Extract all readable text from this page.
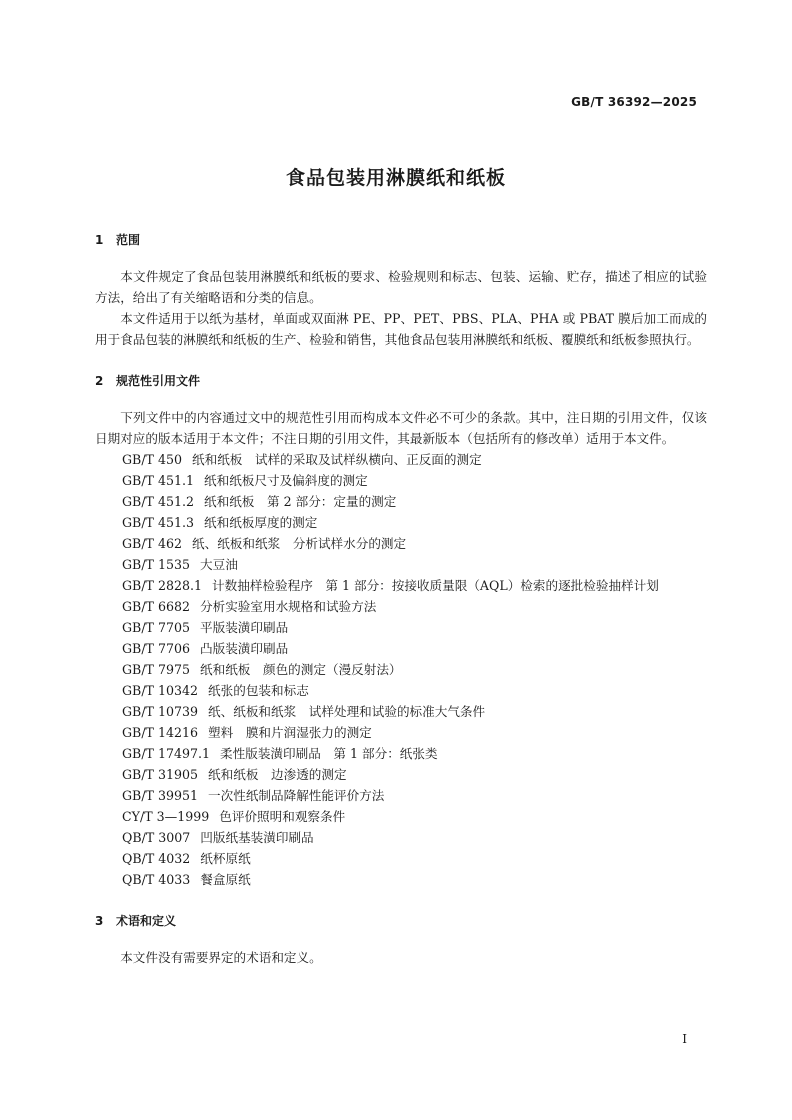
GB/T 36392—2025
食品包装用淋膜纸和纸板
1	范围

本文件规定了食品包装用淋膜纸和纸板的要求、检验规则和标志、包装、运输、贮存，描述了相应的试验方法，给出了有关缩略语和分类的信息。

本文件适用于以纸为基材，单面或双面淋 PE、PP、PET、PBS、PLA、PHA 或 PBAT 膜后加工而成的用于食品包装的淋膜纸和纸板的生产、检验和销售，其他食品包装用淋膜纸和纸板、覆膜纸和纸板参照执行。

2	规范性引用文件

下列文件中的内容通过文中的规范性引用而构成本文件必不可少的条款。其中，注日期的引用文件，仅该日期对应的版本适用于本文件；不注日期的引用文件，其最新版本（包括所有的修改单）适用于本文件。

GB/T 450 纸和纸板　试样的采取及试样纵横向、正反面的测定
GB/T 451.1 纸和纸板尺寸及偏斜度的测定
GB/T 451.2 纸和纸板　第 2 部分：定量的测定
GB/T 451.3 纸和纸板厚度的测定
GB/T 462 纸、纸板和纸浆　分析试样水分的测定
GB/T 1535 大豆油
GB/T 2828.1 计数抽样检验程序　第 1 部分：按接收质量限（AQL）检索的逐批检验抽样计划
GB/T 6682 分析实验室用水规格和试验方法
GB/T 7705 平版装潢印刷品
GB/T 7706 凸版装潢印刷品
GB/T 7975 纸和纸板　颜色的测定（漫反射法）
GB/T 10342 纸张的包装和标志
GB/T 10739 纸、纸板和纸浆　试样处理和试验的标准大气条件
GB/T 14216 塑料　膜和片润湿张力的测定
GB/T 17497.1 柔性版装潢印刷品　第 1 部分：纸张类
GB/T 31905 纸和纸板　边渗透的测定
GB/T 39951 一次性纸制品降解性能评价方法
CY/T 3—1999 色评价照明和观察条件
QB/T 3007 凹版纸基装潢印刷品
QB/T 4032 纸杯原纸
QB/T 4033 餐盒原纸
3	术语和定义

本文件没有需要界定的术语和定义。

I
